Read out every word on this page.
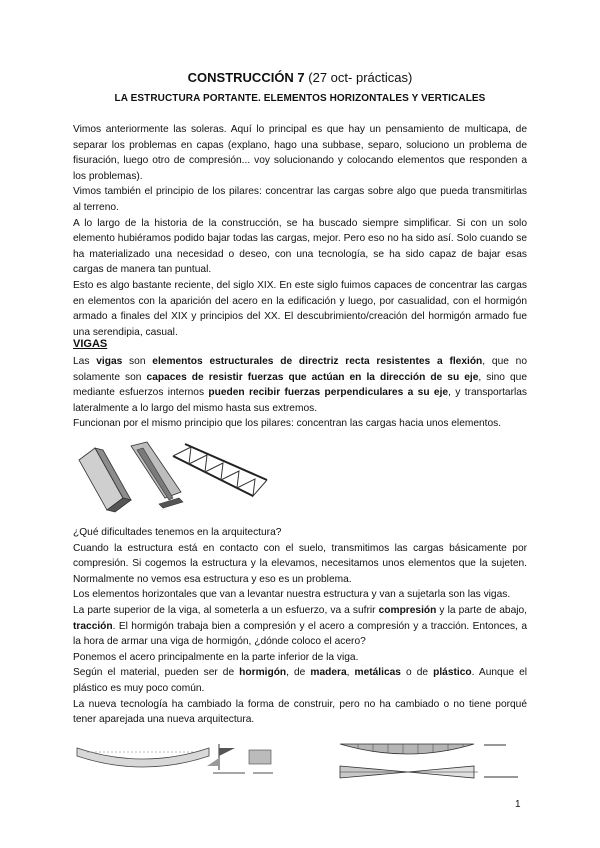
CONSTRUCCIÓN 7 (27 oct- prácticas)
LA ESTRUCTURA PORTANTE. ELEMENTOS HORIZONTALES Y VERTICALES

Vimos anteriormente las soleras. Aquí lo principal es que hay un pensamiento de multicapa, de separar los problemas en capas (explano, hago una subbase, separo, soluciono un problema de fisuración, luego otro de compresión... voy solucionando y colocando elementos que responden a los problemas).

Vimos también el principio de los pilares: concentrar las cargas sobre algo que pueda transmitirlas al terreno.

A lo largo de la historia de la construcción, se ha buscado siempre simplificar. Si con un solo elemento hubiéramos podido bajar todas las cargas, mejor. Pero eso no ha sido así. Solo cuando se ha materializado una necesidad o deseo, con una tecnología, se ha sido capaz de bajar esas cargas de manera tan puntual.

Esto es algo bastante reciente, del siglo XIX. En este siglo fuimos capaces de concentrar las cargas en elementos con la aparición del acero en la edificación y luego, por casualidad, con el hormigón armado a finales del XIX y principios del XX. El descubrimiento/creación del hormigón armado fue una serendipia, casual.

VIGAS

Las vigas son elementos estructurales de directriz recta resistentes a flexión, que no solamente son capaces de resistir fuerzas que actúan en la dirección de su eje, sino que mediante esfuerzos internos pueden recibir fuerzas perpendiculares a su eje, y transportarlas lateralmente a lo largo del mismo hasta sus extremos.

Funcionan por el mismo principio que los pilares: concentran las cargas hacia unos elementos.

¿Qué dificultades tenemos en la arquitectura?

Cuando la estructura está en contacto con el suelo, transmitimos las cargas básicamente por compresión. Si cogemos la estructura y la elevamos, necesitamos unos elementos que la sujeten. Normalmente no vemos esa estructura y eso es un problema.

Los elementos horizontales que van a levantar nuestra estructura y van a sujetarla son las vigas.

La parte superior de la viga, al someterla a un esfuerzo, va a sufrir compresión y la parte de abajo, tracción. El hormigón trabaja bien a compresión y el acero a compresión y a tracción. Entonces, a la hora de armar una viga de hormigón, ¿dónde coloco el acero?

Ponemos el acero principalmente en la parte inferior de la viga.

Según el material, pueden ser de hormigón, de madera, metálicas o de plástico. Aunque el plástico es muy poco común.

La nueva tecnología ha cambiado la forma de construir, pero no ha cambiado o no tiene porqué tener aparejada una nueva arquitectura.

1
